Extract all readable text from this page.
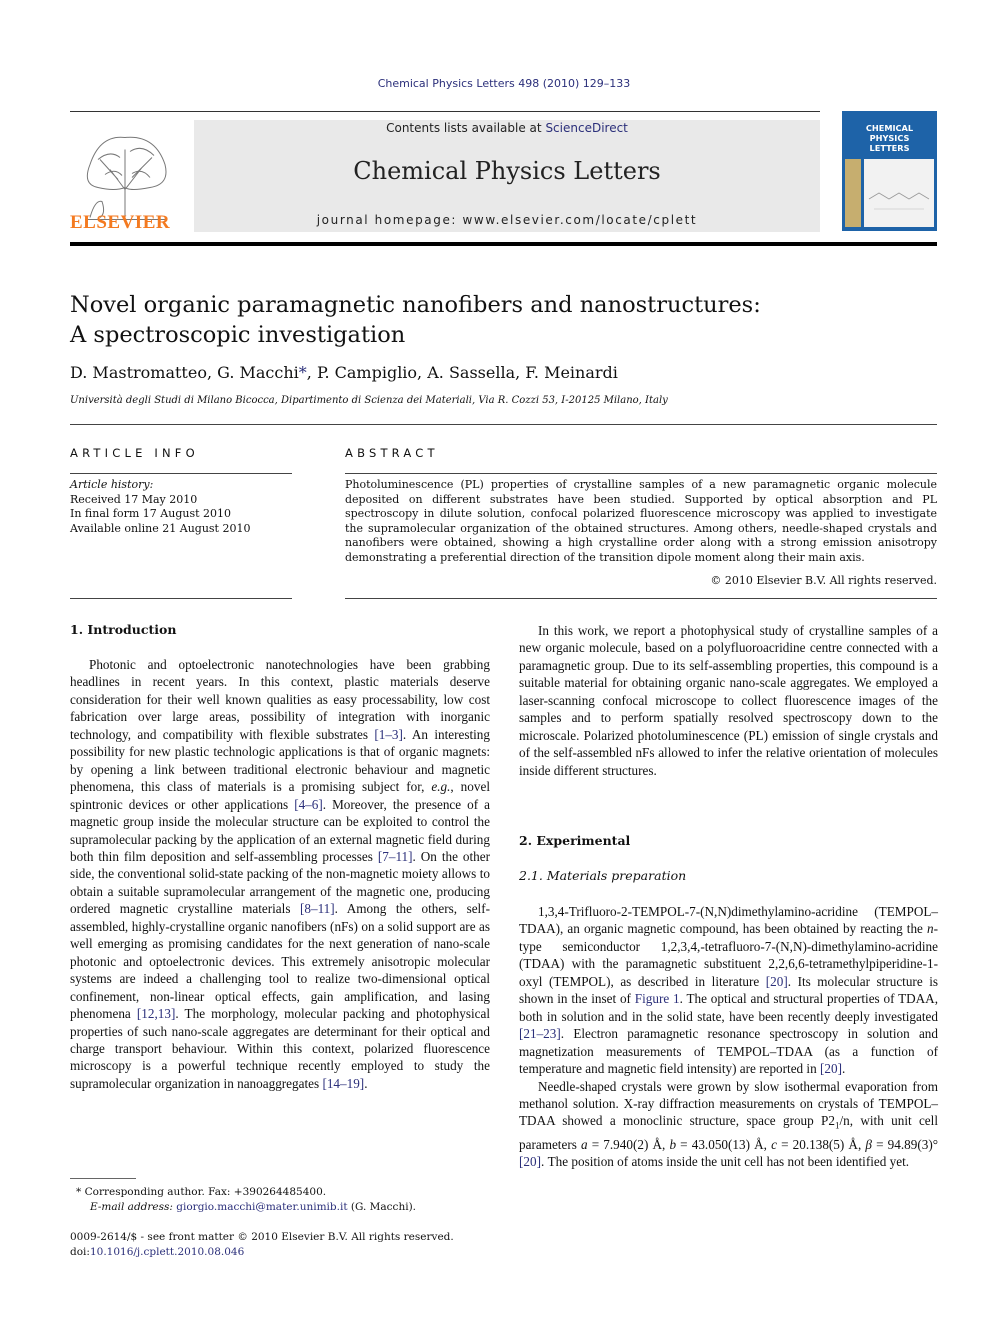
Chemical Physics Letters 498 (2010) 129–133
ELSEVIER
Contents lists available at ScienceDirect
Chemical Physics Letters
journal homepage: www.elsevier.com/locate/cplett
CHEMICAL
PHYSICS
LETTERS
Novel organic paramagnetic nanofibers and nanostructures:
A spectroscopic investigation
D. Mastromatteo, G. Macchi*, P. Campiglio, A. Sassella, F. Meinardi
Università degli Studi di Milano Bicocca, Dipartimento di Scienza dei Materiali, Via R. Cozzi 53, I-20125 Milano, Italy
ARTICLE INFO
Article history:
Received 17 May 2010
In final form 17 August 2010
Available online 21 August 2010
ABSTRACT
Photoluminescence (PL) properties of crystalline samples of a new paramagnetic organic molecule deposited on different substrates have been studied. Supported by optical absorption and PL spectroscopy in dilute solution, confocal polarized fluorescence microscopy was applied to investigate the supramolecular organization of the obtained structures. Among others, needle-shaped crystals and nanofibers were obtained, showing a high crystalline order along with a strong emission anisotropy demonstrating a preferential direction of the transition dipole moment along their main axis.
© 2010 Elsevier B.V. All rights reserved.
1. Introduction

Photonic and optoelectronic nanotechnologies have been grabbing headlines in recent years. In this context, plastic materials deserve consideration for their well known qualities as easy processability, low cost fabrication over large areas, possibility of integration with inorganic technology, and compatibility with flexible substrates [1–3]. An interesting possibility for new plastic technologic applications is that of organic magnets: by opening a link between traditional electronic behaviour and magnetic phenomena, this class of materials is a promising subject for, e.g., novel spintronic devices or other applications [4–6]. Moreover, the presence of a magnetic group inside the molecular structure can be exploited to control the supramolecular packing by the application of an external magnetic field during both thin film deposition and self-assembling processes [7–11]. On the other side, the conventional solid-state packing of the non-magnetic moiety allows to obtain a suitable supramolecular arrangement of the magnetic one, producing ordered magnetic crystalline materials [8–11]. Among the others, self-assembled, highly-crystalline organic nanofibers (nFs) on a solid support are as well emerging as promising candidates for the next generation of nano-scale photonic and optoelectronic devices. This extremely anisotropic molecular systems are indeed a challenging tool to realize two-dimensional optical confinement, non-linear optical effects, gain amplification, and lasing phenomena [12,13]. The morphology, molecular packing and photophysical properties of such nano-scale aggregates are determinant for their optical and charge transport behaviour. Within this context, polarized fluorescence microscopy is a powerful technique recently employed to study the supramolecular organization in nanoaggregates [14–19].

* Corresponding author. Fax: +390264485400.
E-mail address: giorgio.macchi@mater.unimib.it (G. Macchi).
0009-2614/$ - see front matter © 2010 Elsevier B.V. All rights reserved.
doi:10.1016/j.cplett.2010.08.046

In this work, we report a photophysical study of crystalline samples of a new organic molecule, based on a polyfluoroacridine centre connected with a paramagnetic group. Due to its self-assembling properties, this compound is a suitable material for obtaining organic nano-scale aggregates. We employed a laser-scanning confocal microscope to collect fluorescence images of the samples and to perform spatially resolved spectroscopy down to the microscale. Polarized photoluminescence (PL) emission of single crystals and of the self-assembled nFs allowed to infer the relative orientation of molecules inside different structures.

2. Experimental
2.1. Materials preparation

1,3,4-Trifluoro-2-TEMPOL-7-(N,N)dimethylamino-acridine (TEMPOL–TDAA), an organic magnetic compound, has been obtained by reacting the n-type semiconductor 1,2,3,4,-tetrafluoro-7-(N,N)-dimethylamino-acridine (TDAA) with the paramagnetic substituent 2,2,6,6-tetramethylpiperidine-1-oxyl (TEMPOL), as described in literature [20]. Its molecular structure is shown in the inset of Figure 1. The optical and structural properties of TDAA, both in solution and in the solid state, have been recently deeply investigated [21–23]. Electron paramagnetic resonance spectroscopy in solution and magnetization measurements of TEMPOL–TDAA (as a function of temperature and magnetic field intensity) are reported in [20].

Needle-shaped crystals were grown by slow isothermal evaporation from methanol solution. X-ray diffraction measurements on crystals of TEMPOL–TDAA showed a monoclinic structure, space group $P2_1/n$, with unit cell parameters a = 7.940(2) Å, b = 43.050(13) Å, c = 20.138(5) Å, β = 94.89(3)° [20]. The position of atoms inside the unit cell has not been identified yet.
